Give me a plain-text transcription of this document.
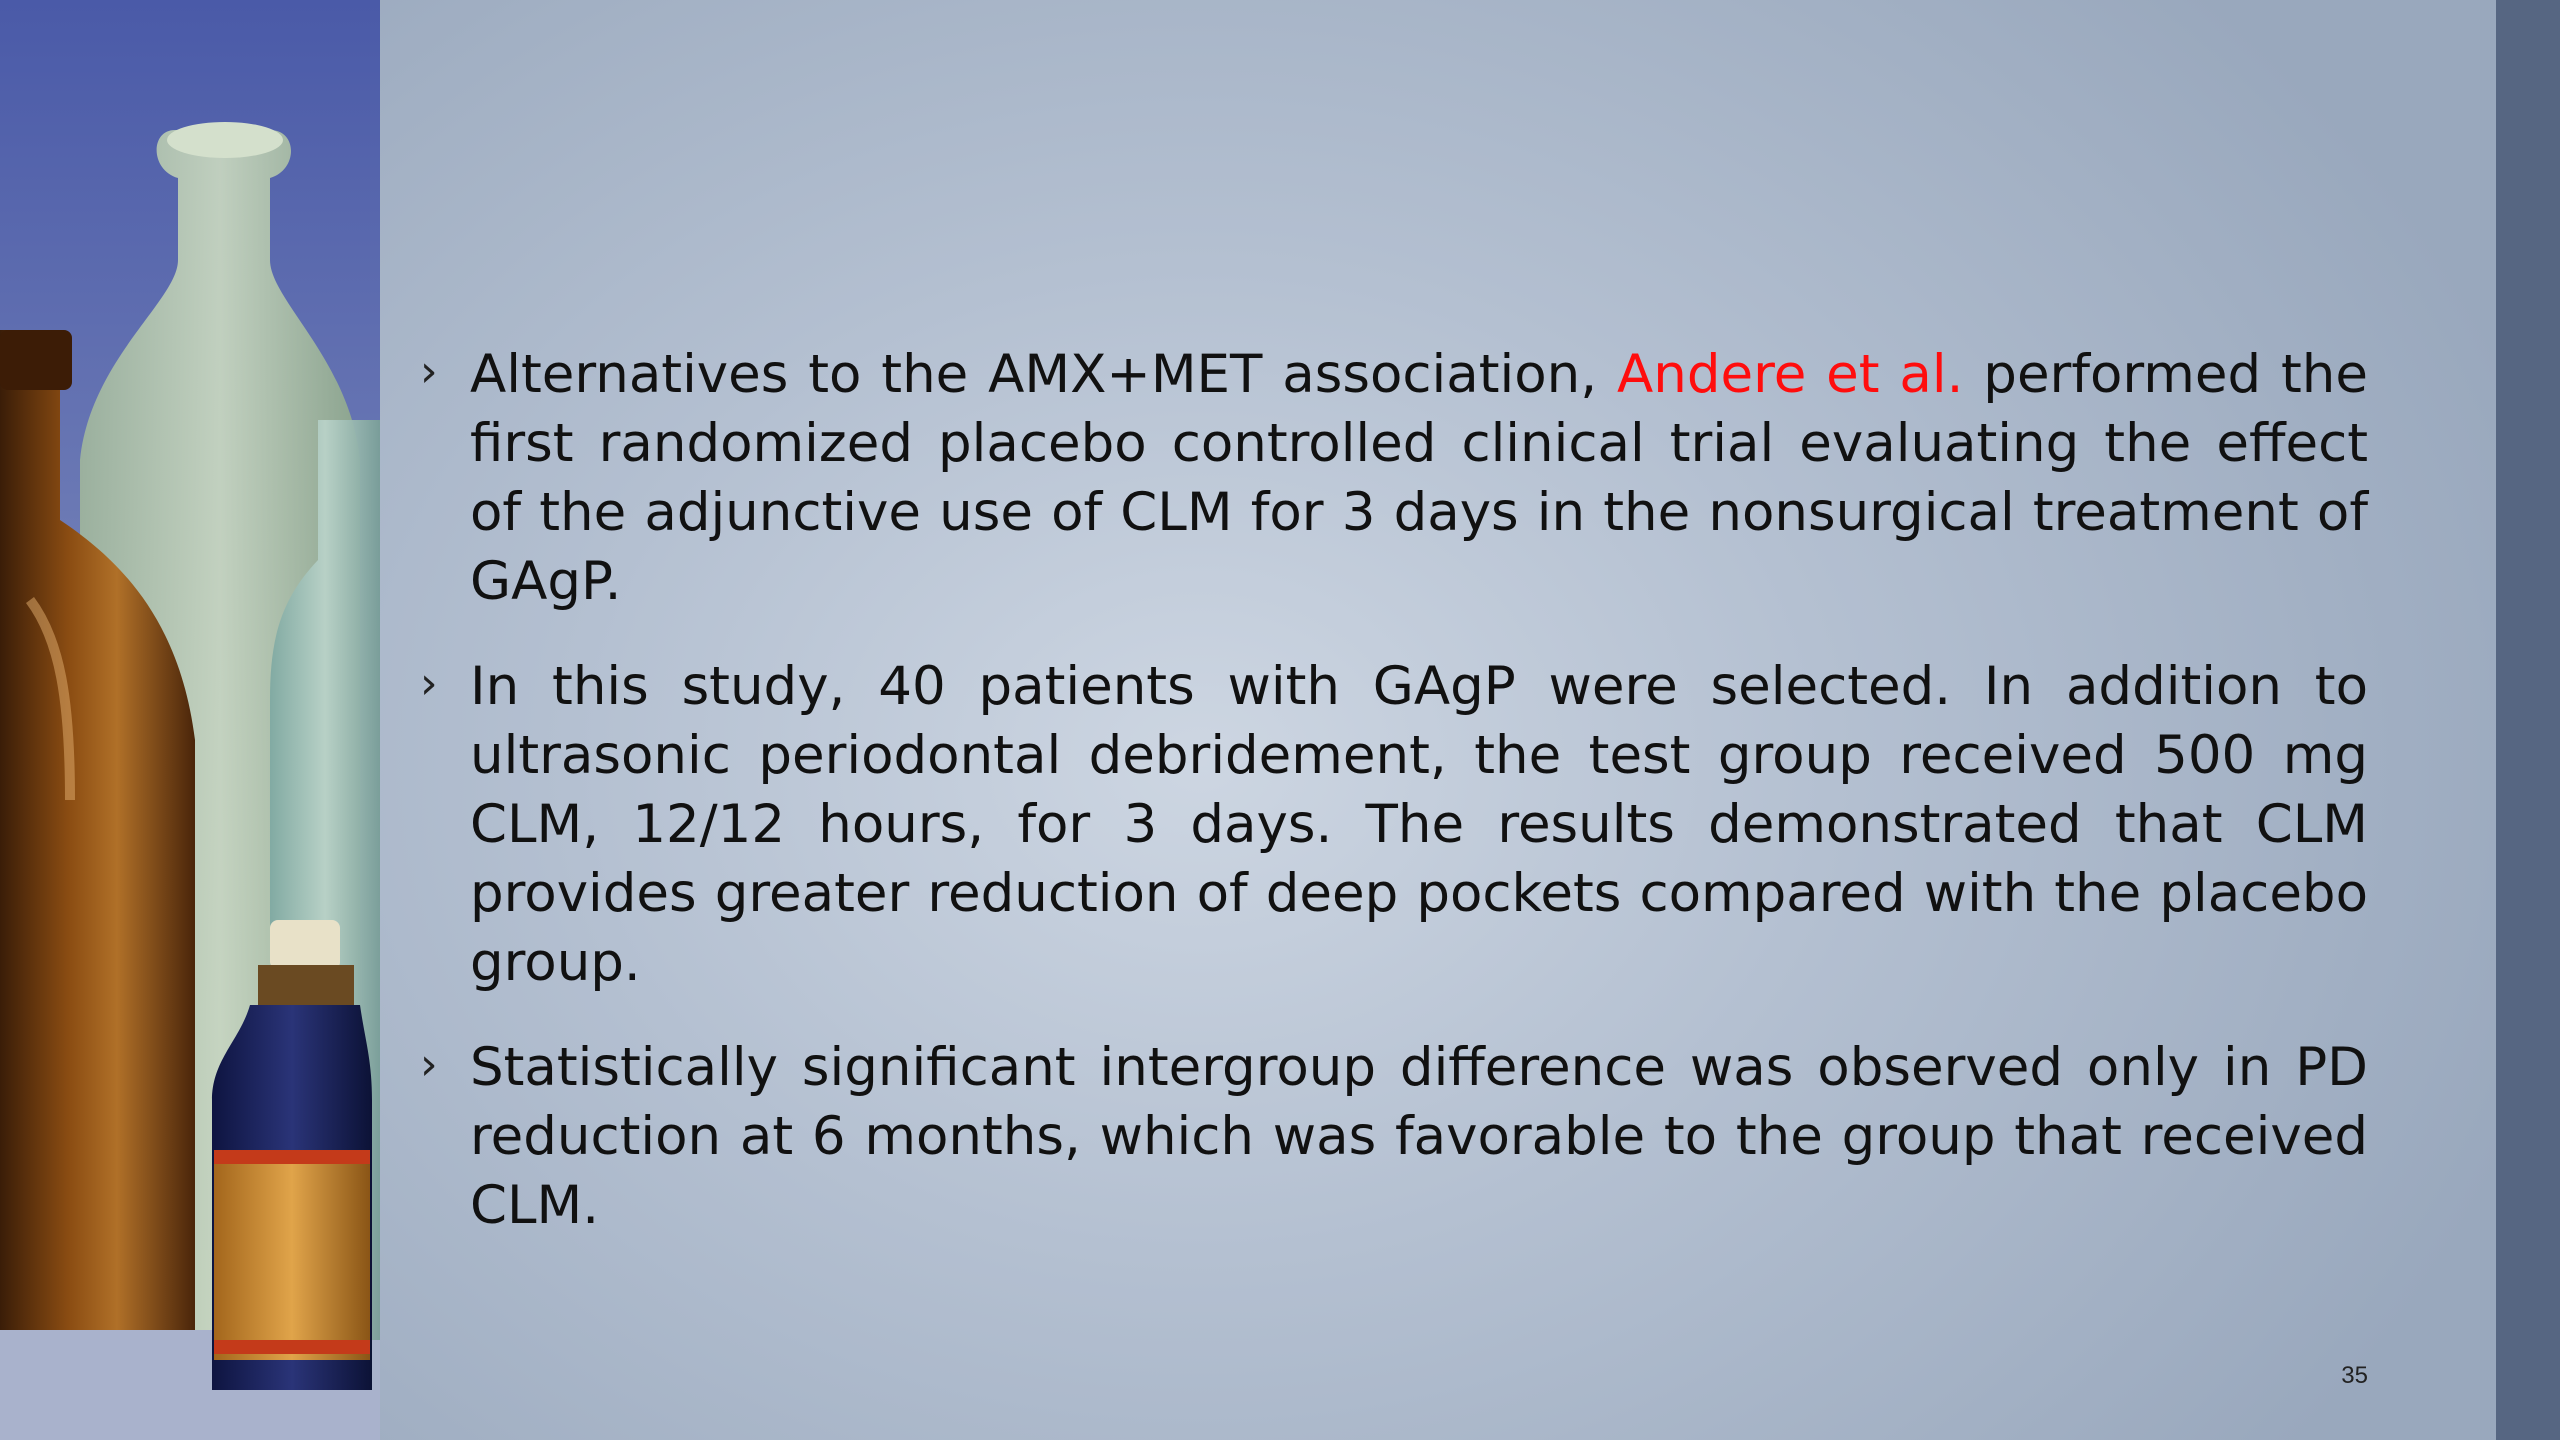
› Alternatives to the AMX+MET association, Andere et al. performed the first randomized placebo controlled clinical trial evaluating the effect of the adjunctive use of CLM for 3 days in the nonsurgical treatment of GAgP.
› In this study, 40 patients with GAgP were selected. In addition to ultrasonic periodontal debridement, the test group received 500 mg CLM, 12/12 hours, for 3 days. The results demonstrated that CLM provides greater reduction of deep pockets compared with the placebo group.
› Statistically significant intergroup difference was observed only in PD reduction at 6 months, which was favorable to the group that received CLM.
35
